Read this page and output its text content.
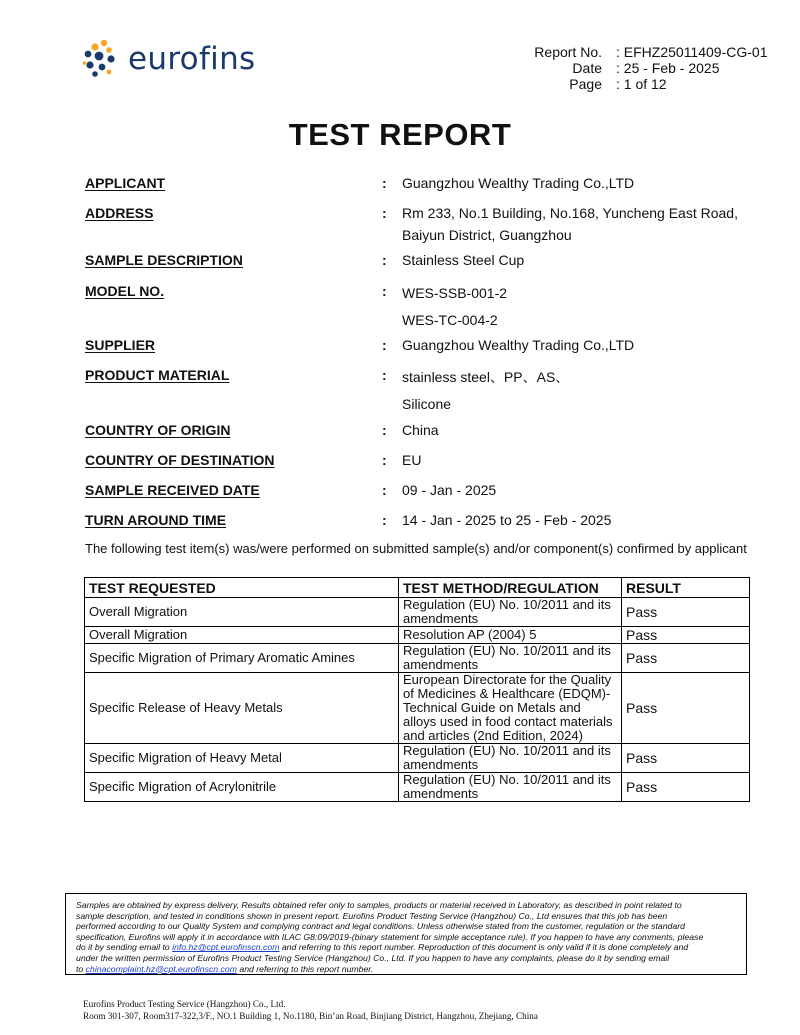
eurofins	Report No. : EFHZ25011409-CG-01
Date : 25 - Feb - 2025
Page : 1 of 12
TEST REPORT
APPLICANT	: Guangzhou Wealthy Trading Co.,LTD
ADDRESS	: Rm 233, No.1 Building, No.168, Yuncheng East Road,
Baiyun District, Guangzhou
SAMPLE DESCRIPTION	: Stainless Steel Cup
MODEL NO.	: WES-SSB-001-2
WES-TC-004-2
SUPPLIER	: Guangzhou Wealthy Trading Co.,LTD
PRODUCT MATERIAL	: stainless steel、PP、AS、
Silicone
COUNTRY OF ORIGIN	: China
COUNTRY OF DESTINATION	: EU
SAMPLE RECEIVED DATE	: 09 - Jan - 2025
TURN AROUND TIME	: 14 - Jan - 2025 to 25 - Feb - 2025
The following test item(s) was/were performed on submitted sample(s) and/or component(s) confirmed by applicant
TEST REQUESTED	TEST METHOD/REGULATION	RESULT
Overall Migration	Regulation (EU) No. 10/2011 and its
amendments	Pass
Overall Migration	Resolution AP (2004) 5	Pass
Specific Migration of Primary Aromatic Amines	Regulation (EU) No. 10/2011 and its
amendments	Pass
Specific Release of Heavy Metals	European Directorate for the Quality
of Medicines & Healthcare (EDQM)-
Technical Guide on Metals and
alloys used in food contact materials
and articles (2nd Edition, 2024)	Pass
Specific Migration of Heavy Metal	Regulation (EU) No. 10/2011 and its
amendments	Pass
Specific Migration of Acrylonitrile	Regulation (EU) No. 10/2011 and its
amendments	Pass
Samples are obtained by express delivery, Results obtained refer only to samples, products or material received in Laboratory, as described in point related to
sample description, and tested in conditions shown in present report. Eurofins Product Testing Service (Hangzhou) Co., Ltd ensures that this job has been
performed according to our Quality System and complying contract and legal conditions. Unless otherwise stated from the customer, regulation or the standard
specification, Eurofins will apply it in accordance with ILAC G8:09/2019-(binary statement for simple acceptance rule). If you happen to have any comments, please
do it by sending email to info.hz@cpt.eurofinscn.com and referring to this report number. Reproduction of this document is only valid if it is done completely and
under the written permission of Eurofins Product Testing Service (Hangzhou) Co., Ltd. If you happen to have any complaints, please do it by sending email
to chinacomplaint.hz@cpt.eurofinscn.com and referring to this report number.
Eurofins Product Testing Service (Hangzhou) Co., Ltd.
Room 301-307, Room317-322,3/F., NO.1 Building 1, No.1180, Bin’an Road, Binjiang District, Hangzhou, Zhejiang, China
